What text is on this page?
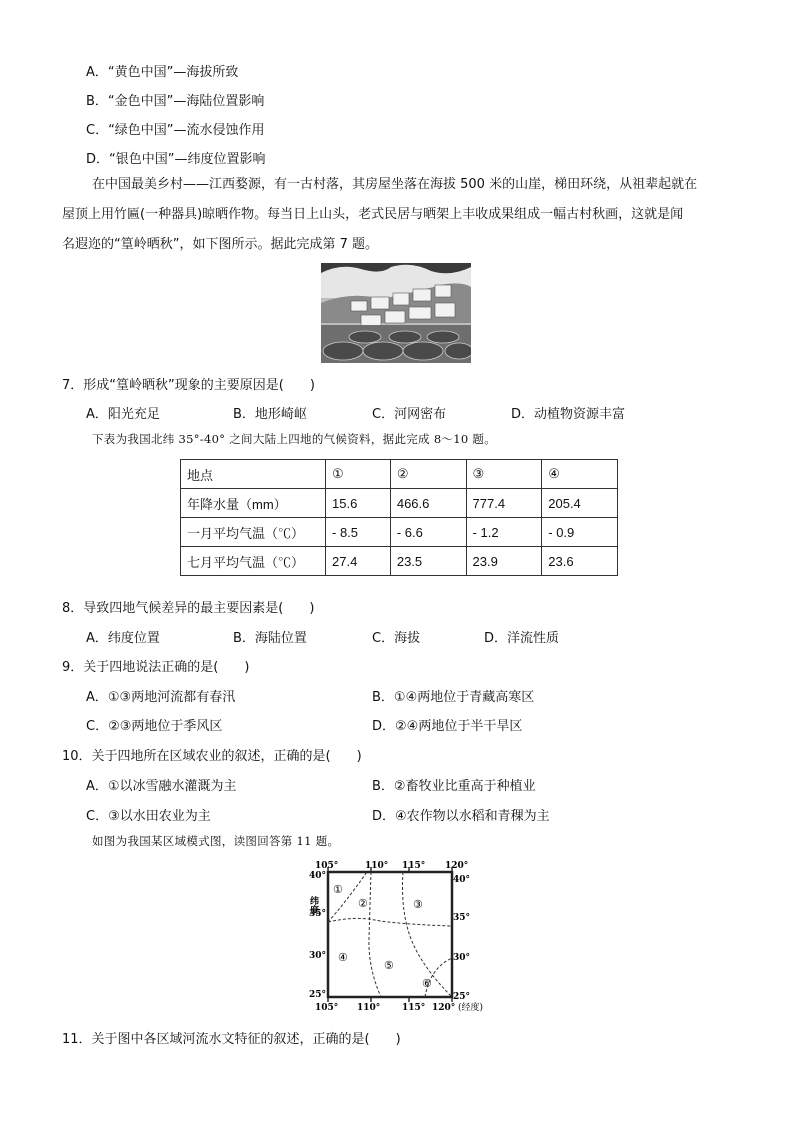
A．“黄色中国”—海拔所致
B．“金色中国”—海陆位置影响
C．“绿色中国”—流水侵蚀作用
D．“银色中国”—纬度位置影响
在中国最美乡村——江西婺源，有一古村落，其房屋坐落在海拔 500 米的山崖，梯田环绕，从祖辈起就在
屋顶上用竹匾(一种器具)晾晒作物。每当日上山头，老式民居与晒架上丰收成果组成一幅古村秋画，这就是闻
名遐迩的“篁岭晒秋”，如下图所示。据此完成第 7 题。
7．形成“篁岭晒秋”现象的主要原因是(　　)
A．阳光充足	B．地形崎岖	C．河网密布	D．动植物资源丰富
下表为我国北纬 35°-40° 之间大陆上四地的气候资料，据此完成 8～10 题。
地点	①	②	③	④
年降水量（mm）	15.6	466.6	777.4	205.4
一月平均气温（℃）	- 8.5	- 6.6	- 1.2	- 0.9
七月平均气温（℃）	27.4	23.5	23.9	23.6
8．导致四地气候差异的最主要因素是(　　)
A．纬度位置	B．海陆位置	C．海拔	D．洋流性质
9．关于四地说法正确的是(　　)
A．①③两地河流都有春汛	B．①④两地位于青藏高寒区
C．②③两地位于季风区	D．②④两地位于半干旱区
10．关于四地所在区域农业的叙述，正确的是(　　)
A．①以冰雪融水灌溉为主	B．②畜牧业比重高于种植业
C．③以水田农业为主	D．④农作物以水稻和青稞为主
如图为我国某区域模式图，读图回答第 11 题。
105°	110° 115° 120°
105° 110° 115° 120° (经度)
40°
35°
30°
25°
纬度
40°
35°
30°
25°
①
②	③
④
⑤
⑥
11．关于图中各区域河流水文特征的叙述，正确的是(　　)
